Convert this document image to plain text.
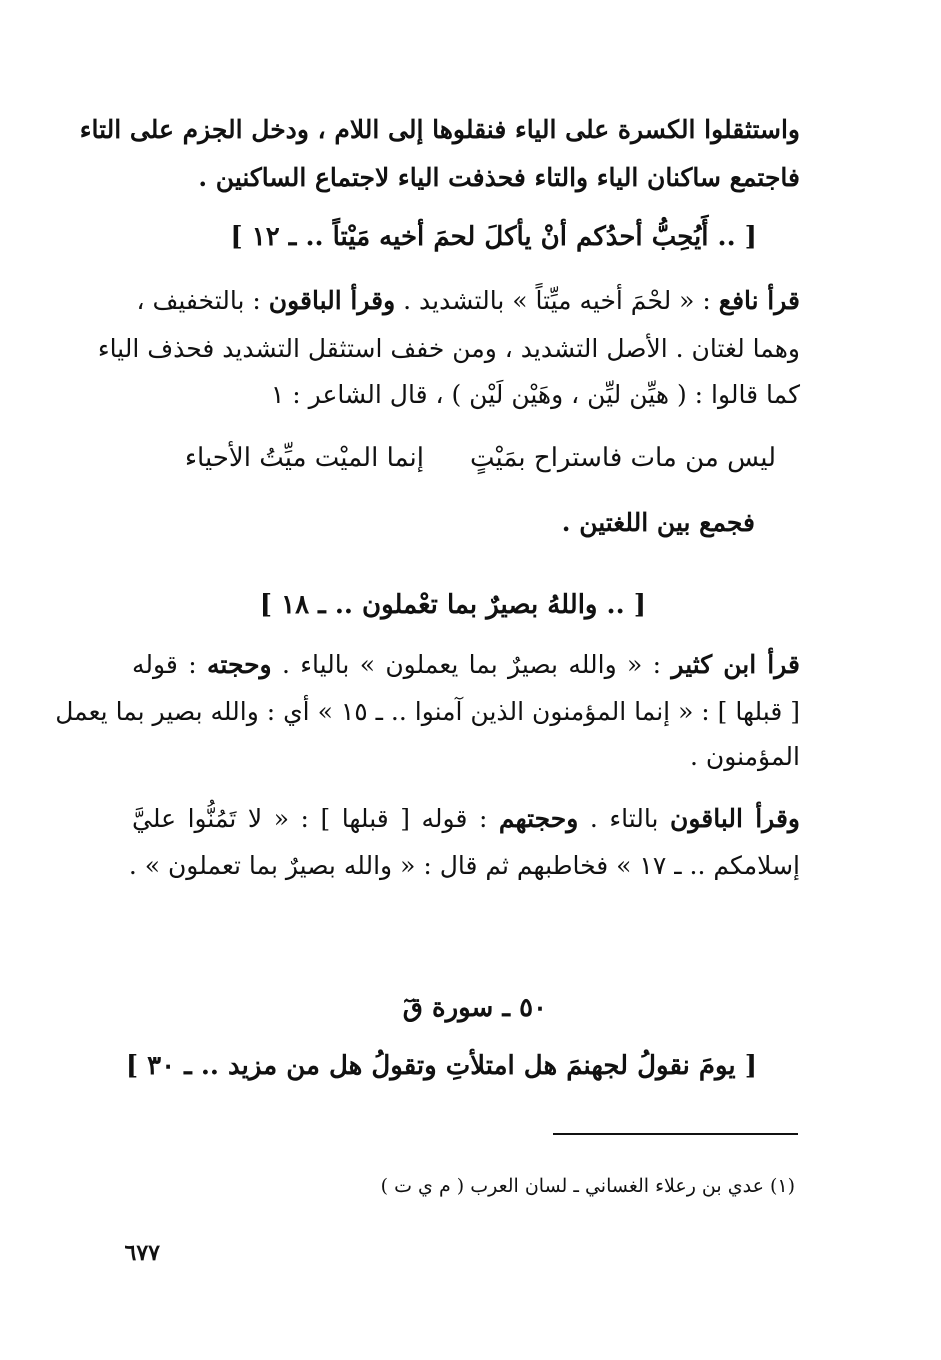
واستثقلوا الكسرة على الياء فنقلوها إلى اللام ، ودخل الجزم على التاء
فاجتمع ساكنان الياء والتاء فحذفت الياء لاجتماع الساكنين .
[ .. أَيُحِبُّ أحدُكم أنْ يأكلَ لحمَ أخيه مَيْتاً .. ـ ١٢ ]
قرأ نافع : « لحْمَ أخيه ميِّتاً » بالتشديد . وقرأ الباقون : بالتخفيف ،
وهما لغتان . الأصل التشديد ، ومن خفف استثقل التشديد فحذف الياء
كما قالوا : ( هيِّن ليِّن ، وهَيْن لَيْن ) ، قال الشاعر : ١
ليس من مات فاستراح بمَيْتٍ
إنما الميْت ميِّتُ الأحياء
فجمع بين اللغتين .
[ .. واللهُ بصيرٌ بما تعْملون .. ـ ١٨ ]
قرأ ابن كثير : « والله بصيرٌ بما يعملون » بالياء . وحجته : قوله
[ قبلها ] : « إنما المؤمنون الذين آمنوا .. ـ ١٥ » أي : والله بصير بما يعمل
المؤمنون .
وقرأ الباقون بالتاء . وحجتهم : قوله [ قبلها ] : « لا تَمُنُّوا عليَّ
إسلامكم .. ـ ١٧ » فخاطبهم ثم قال : « والله بصيرٌ بما تعملون » .
٥٠ ـ سورة قٓ
[ يومَ نقولُ لجهنمَ هل امتلأتِ وتقولُ هل من مزيد .. ـ ٣٠ ]
(١) عدي بن رعلاء الغساني ـ لسان العرب ( م ي ت )
٦٧٧
